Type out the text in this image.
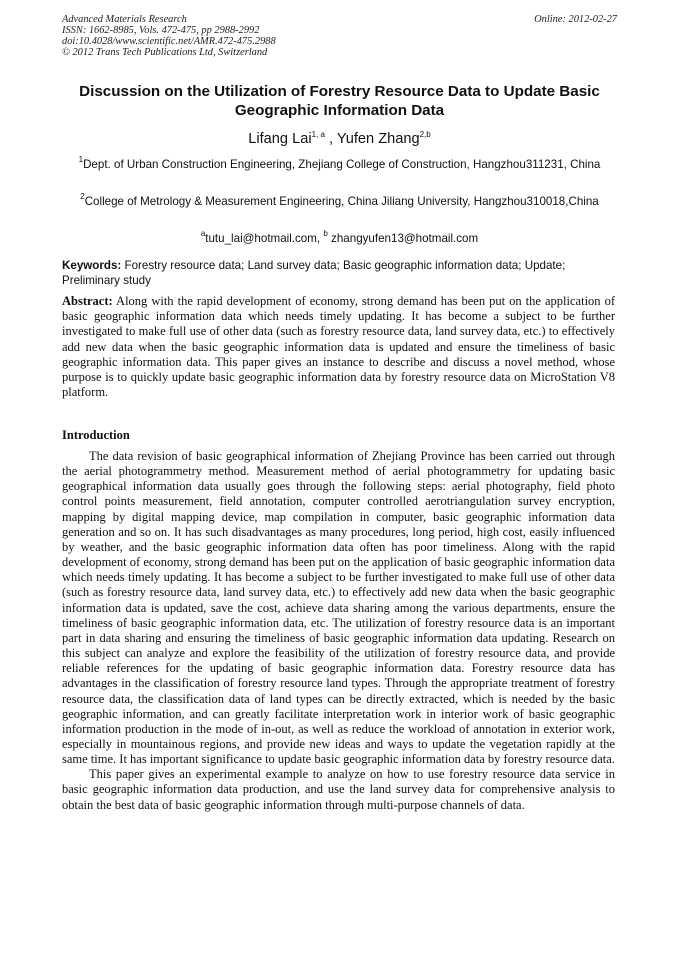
Advanced Materials Research
ISSN: 1662-8985, Vols. 472-475, pp 2988-2992
doi:10.4028/www.scientific.net/AMR.472-475.2988
© 2012 Trans Tech Publications Ltd, Switzerland
Online: 2012-02-27
Discussion on the Utilization of Forestry Resource Data to Update Basic Geographic Information Data
Lifang Lai$^{1, a}$ , Yufen Zhang$^{2,b}$
$^1$Dept. of Urban Construction Engineering, Zhejiang College of Construction, Hangzhou311231, China
$^2$College of Metrology & Measurement Engineering, China Jiliang University, Hangzhou310018,China
$^a$tutu_lai@hotmail.com, $^b$ zhangyufen13@hotmail.com
Keywords: Forestry resource data; Land survey data; Basic geographic information data; Update; Preliminary study
Abstract: Along with the rapid development of economy, strong demand has been put on the application of basic geographic information data which needs timely updating. It has become a subject to be further investigated to make full use of other data (such as forestry resource data, land survey data, etc.) to effectively add new data when the basic geographic information data is updated and ensure the timeliness of basic geographic information data. This paper gives an instance to describe and discuss a novel method, whose purpose is to quickly update basic geographic information data by forestry resource data on MicroStation V8 platform.
Introduction

The data revision of basic geographical information of Zhejiang Province has been carried out through the aerial photogrammetry method. Measurement method of aerial photogrammetry for updating basic geographical information data usually goes through the following steps: aerial photography, field photo control points measurement, field annotation, computer controlled aerotriangulation survey encryption, mapping by digital mapping device, map compilation in computer, basic geographic information data generation and so on. It has such disadvantages as many procedures, long period, high cost, easily influenced by weather, and the basic geographic information data often has poor timeliness. Along with the rapid development of economy, strong demand has been put on the application of basic geographic information data which needs timely updating. It has become a subject to be further investigated to make full use of other data (such as forestry resource data, land survey data, etc.) to effectively add new data when the basic geographic information data is updated, save the cost, achieve data sharing among the various departments, ensure the timeliness of basic geographic information data, etc. The utilization of forestry resource data is an important part in data sharing and ensuring the timeliness of basic geographic information data updating. Research on this subject can analyze and explore the feasibility of the utilization of forestry resource data, and provide reliable references for the updating of basic geographic information data. Forestry resource data has advantages in the classification of forestry resource land types. Through the appropriate treatment of forestry resource data, the classification data of land types can be directly extracted, which is needed by the basic geographic information, and can greatly facilitate interpretation work in interior work of basic geographic information production in the mode of in-out, as well as reduce the workload of annotation in exterior work, especially in mountainous regions, and provide new ideas and ways to update the vegetation rapidly at the same time. It has important significance to update basic geographic information data by forestry resource data.

This paper gives an experimental example to analyze on how to use forestry resource data service in basic geographic information data production, and use the land survey data for comprehensive analysis to obtain the best data of basic geographic information through multi-purpose channels of data.
